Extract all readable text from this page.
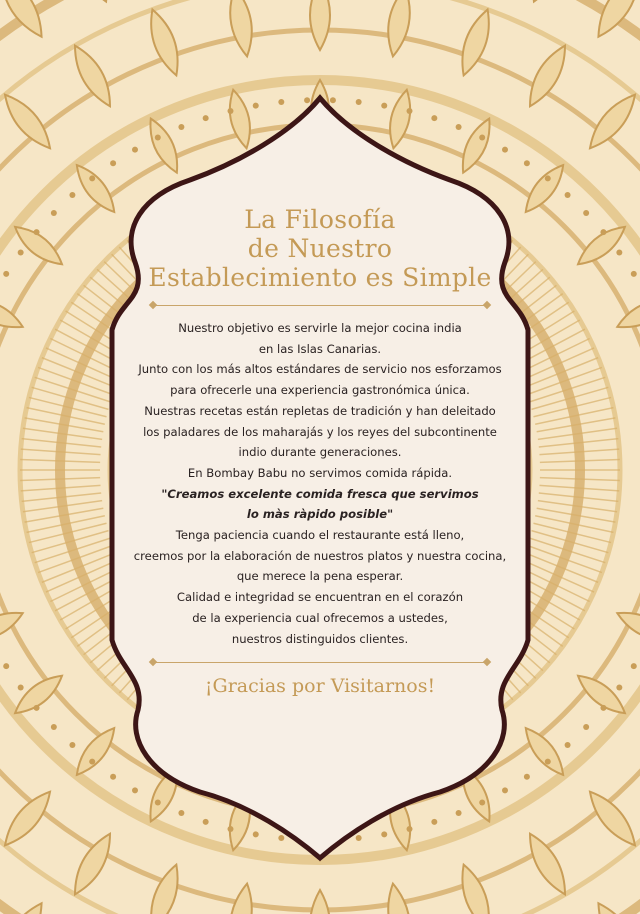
La Filosofía

de Nuestro

Establecimiento es Simple

Nuestro objetivo es servirle la mejor cocina india

en las Islas Canarias.

Junto con los más altos estándares de servicio nos esforzamos

para ofrecerle una experiencia gastronómica única.

Nuestras recetas están repletas de tradición y han deleitado

los paladares de los maharajás y los reyes del subcontinente

indio durante generaciones.

En Bombay Babu no servimos comida rápida.

"Creamos excelente comida fresca que servimos

lo màs ràpido posible"

Tenga paciencia cuando el restaurante está lleno,

creemos por la elaboración de nuestros platos y nuestra cocina,

que merece la pena esperar.

Calidad e integridad se encuentran en el corazón

de la experiencia cual ofrecemos a ustedes,

nuestros distinguidos clientes.

¡Gracias por Visitarnos!
